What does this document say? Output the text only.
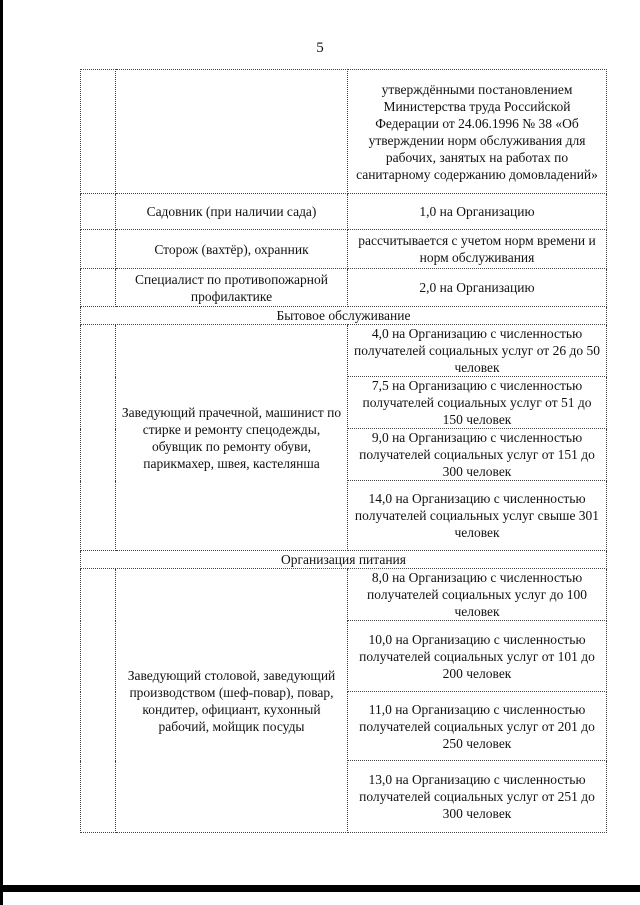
5
		утверждёнными постановлением Министерства труда Российской Федерации от 24.06.1996 № 38 «Об утверждении норм обслуживания для рабочих, занятых на работах по санитарному содержанию домовладений»
	Садовник (при наличии сада)	1,0 на Организацию
	Сторож (вахтёр), охранник	рассчитывается с учетом норм времени и норм обслуживания
	Специалист по противопожарной профилактике	2,0 на Организацию
Бытовое обслуживание		
	Заведующий прачечной, машинист по стирке и ремонту спецодежды, обувщик по ремонту обуви, парикмахер, швея, кастелянша	4,0 на Организацию с численностью получателей социальных услуг от 26 до 50 человек
		7,5 на Организацию с численностью получателей социальных услуг от 51 до 150 человек
		9,0 на Организацию с численностью получателей социальных услуг от 151 до 300 человек
		14,0 на Организацию с численностью получателей социальных услуг свыше 301 человек
Организация питания		
	Заведующий столовой, заведующий производством (шеф-повар), повар, кондитер, официант, кухонный рабочий, мойщик посуды	8,0 на Организацию с численностью получателей социальных услуг до 100 человек
		10,0 на Организацию с численностью получателей социальных услуг от 101 до 200 человек
		11,0 на Организацию с численностью получателей социальных услуг от 201 до 250 человек
		13,0 на Организацию с численностью получателей социальных услуг от 251 до 300 человек
